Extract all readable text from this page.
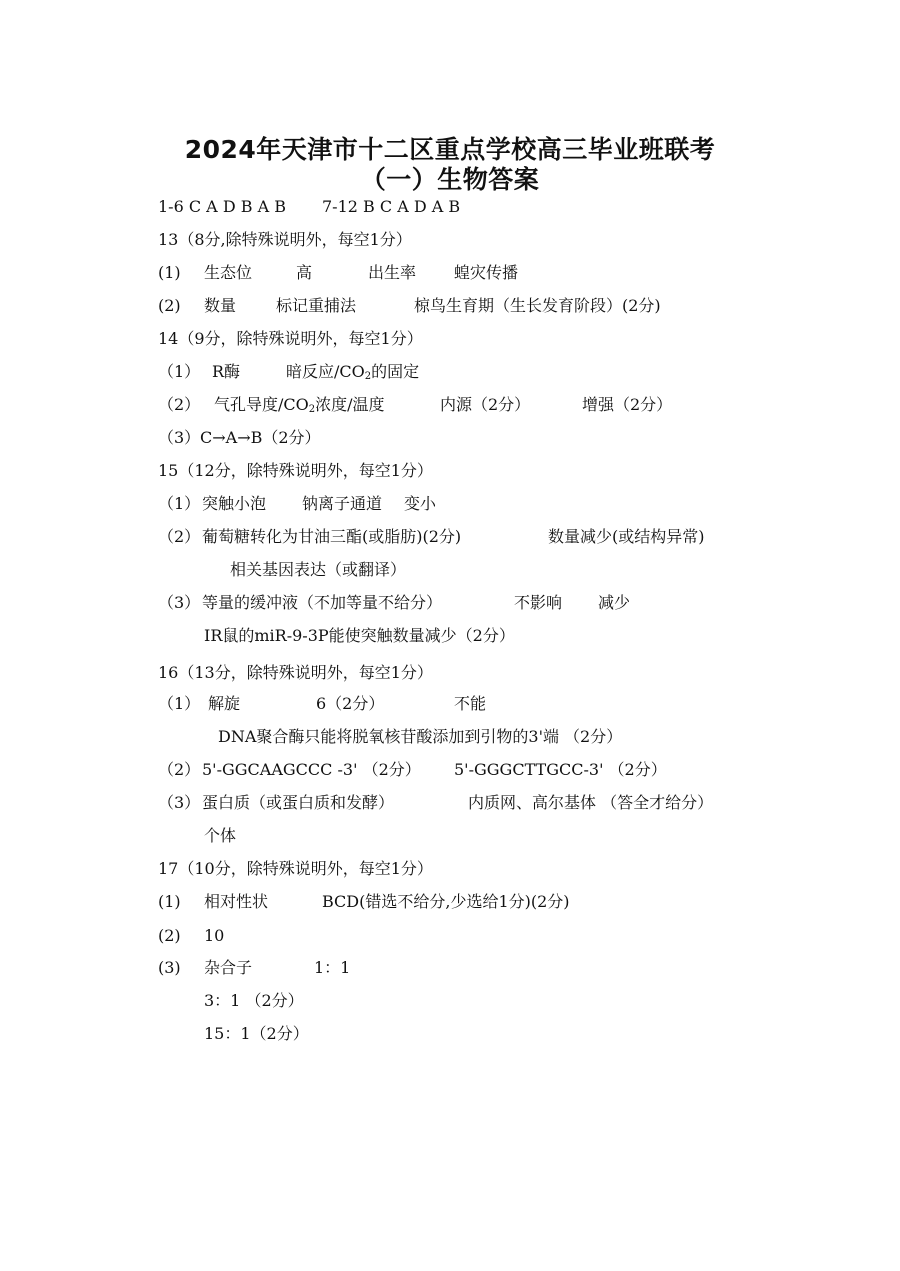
2024年天津市十二区重点学校高三毕业班联考
（一）生物答案
1-6 C A D B A B 7-12 B C A D A B
13（8分,除特殊说明外，每空1分）
(1) 生态位	高	出生率 蝗灾传播
(2) 数量 标记重捕法	椋鸟生育期（生长发育阶段）(2分)
14（9分，除特殊说明外，每空1分）
（1） R酶	暗反应$/CO_2$的固定
（2） 气孔导度$/CO_2$浓度/温度	内源（2分）	增强（2分）
（3） C→A→B（2分）
15（12分，除特殊说明外，每空1分）
（1） 突触小泡 钠离子通道 变小
（2） 葡萄糖转化为甘油三酯(或脂肪)(2分)	数量减少(或结构异常)
相关基因表达（或翻译）
（3） 等量的缓冲液（不加等量不给分）	不影响 减少
IR鼠的miR-9-3P能使突触数量减少（2分）
16（13分，除特殊说明外，每空1分）
（1） 解旋	6（2分）	不能
DNA聚合酶只能将脱氧核苷酸添加到引物的3'端 （2分）
（2） 5'-GGCAAGCCC -3' （2分） 5'-GGGCTTGCC-3' （2分）
（3） 蛋白质（或蛋白质和发酵）	内质网、高尔基体 （答全才给分）
个体
17（10分，除特殊说明外，每空1分）
(1) 相对性状	BCD(错选不给分,少选给1分)(2分)
(2) 10
(3) 杂合子	1：1
3：1 （2分）
15：1（2分）
